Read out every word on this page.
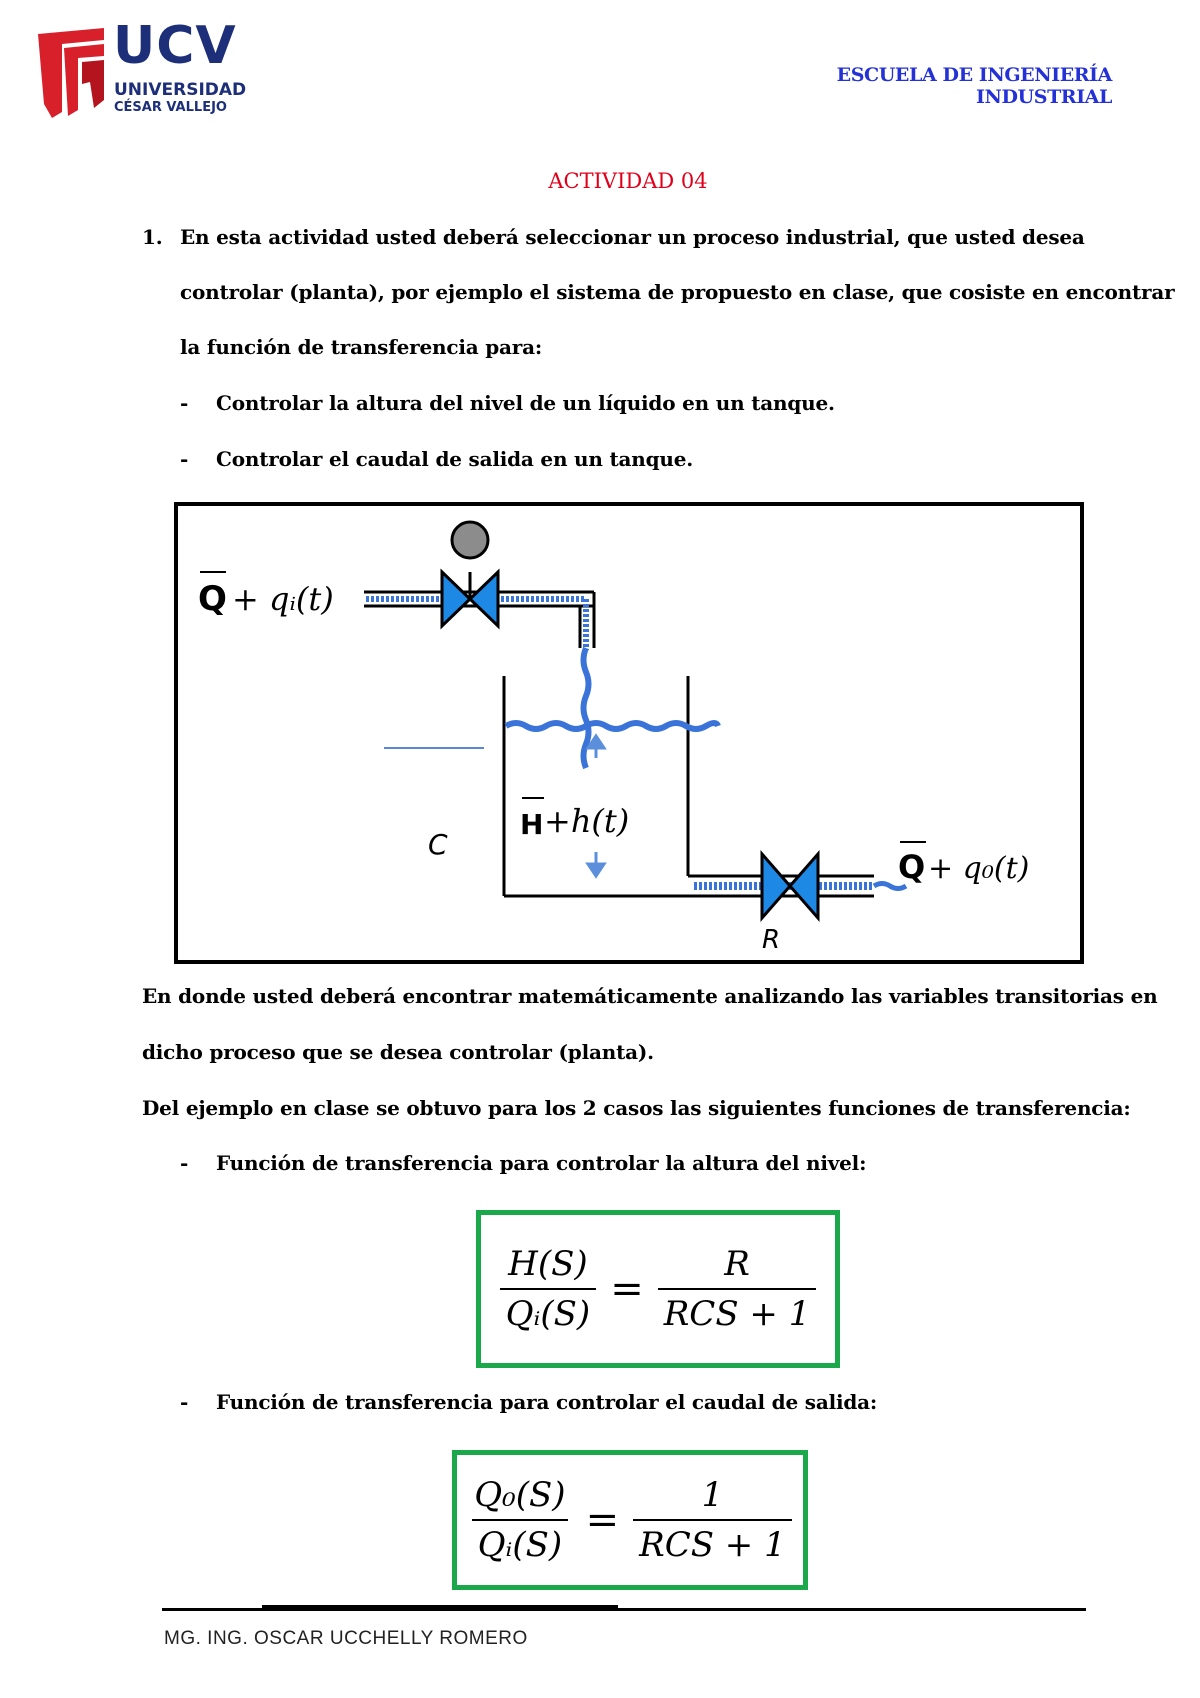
UCV
UNIVERSIDAD
CÉSAR VALLEJO
ESCUELA DE INGENIERÍA INDUSTRIAL
ACTIVIDAD 04
1. En esta actividad usted deberá seleccionar un proceso industrial, que usted desea
controlar (planta), por ejemplo el sistema de propuesto en clase, que cosiste en encontrar
la función de transferencia para:
- Controlar la altura del nivel de un líquido en un tanque.
- Controlar el caudal de salida en un tanque.
Q + qᵢ(t)
H +h(t)
C
R
Q + q₀(t)
En donde usted deberá encontrar matemáticamente analizando las variables transitorias en
dicho proceso que se desea controlar (planta).
Del ejemplo en clase se obtuvo para los 2 casos las siguientes funciones de transferencia:
- Función de transferencia para controlar la altura del nivel:
$\frac{H(S)}{\text{Qᵢ(S)}} = \frac{R}{\text{RCS + 1}}$
- Función de transferencia para controlar el caudal de salida:
$\frac{\text{Q₀(S)}}{\text{Qᵢ(S)}} = \frac{1}{\text{RCS + 1}}$
MG. ING. OSCAR UCCHELLY ROMERO
